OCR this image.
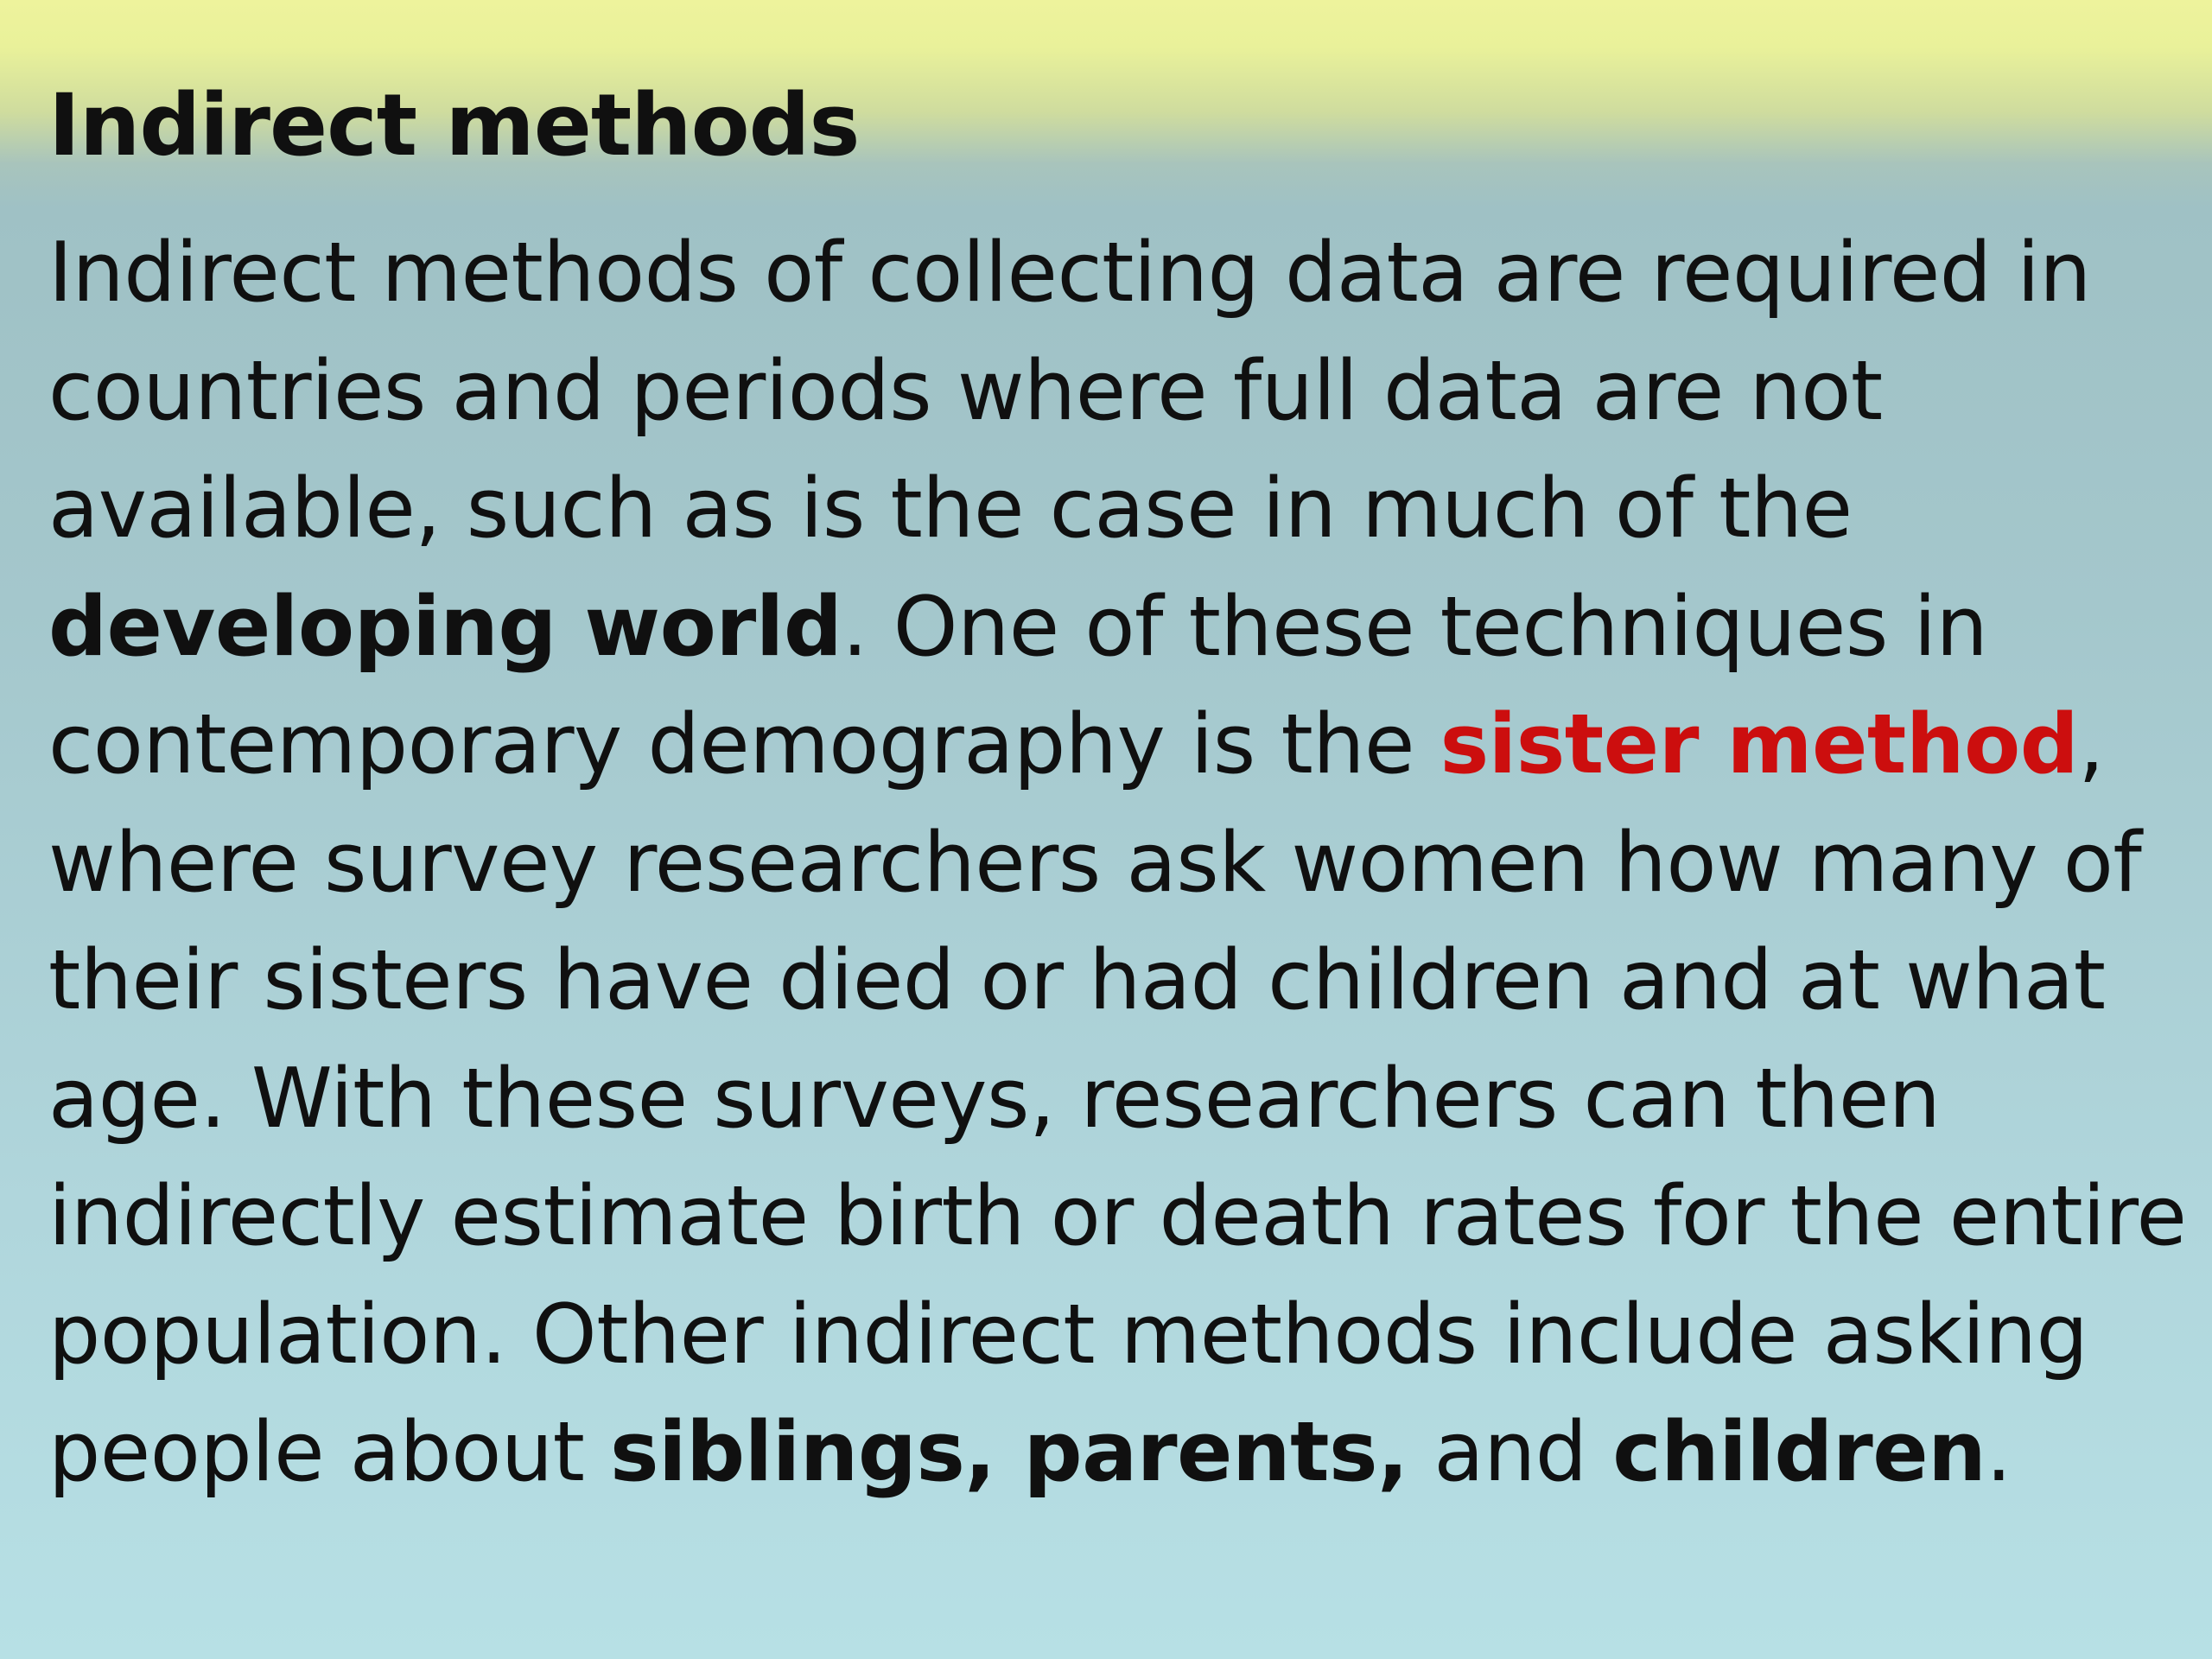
Indirect methods
Indirect methods of collecting data are required in
countries and periods where full data are not
available, such as is the case in much of the
developing world. One of these techniques in
contemporary demography is the sister method,
where survey researchers ask women how many of
their sisters have died or had children and at what
age. With these surveys, researchers can then
indirectly estimate birth or death rates for the entire
population. Other indirect methods include asking
people about siblings, parents, and children.
